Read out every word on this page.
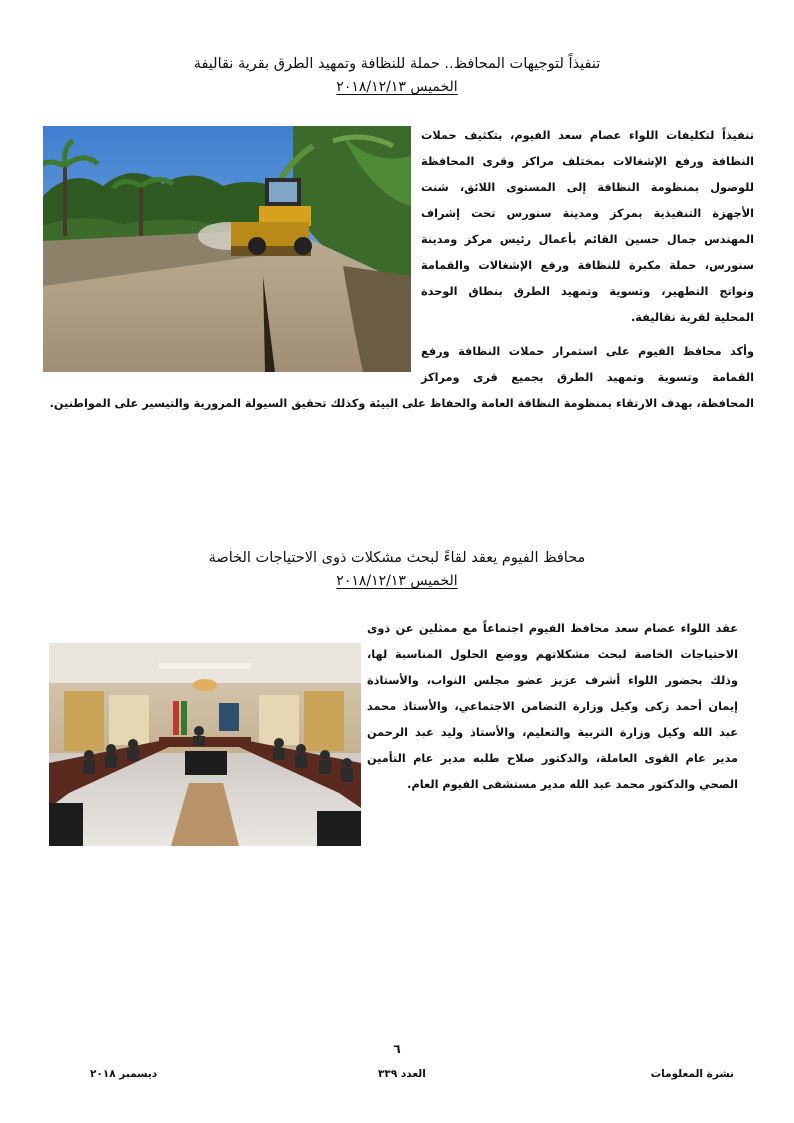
تنفيذاً لتوجيهات المحافظ.. حملة للنظافة وتمهيد الطرق بقرية نقاليفة
الخميس ٢٠١٨/١٢/١٣
تنفيذاً لتكليفات اللواء عصام سعد الفيوم، بتكثيف حملات النظافة ورفع الإشغالات بمختلف مراكز وقرى المحافظة للوصول بمنظومة النظافة إلى المستوى اللائق، شنت الأجهزة التنفيذية بمركز ومدينة سنورس تحت إشراف المهندس جمال حسين القائم بأعمال رئيس مركز ومدينة سنورس، حملة مكبرة للنظافة ورفع الإشغالات والقمامة ونواتج التطهير، وتسوية وتمهيد الطرق بنطاق الوحدة المحلية لقرية نقاليفة.
وأكد محافظ الفيوم على استمرار حملات النظافة ورفع القمامة وتسوية وتمهيد الطرق بجميع قرى ومراكز المحافظة، بهدف الارتقاء بمنظومة النظافة العامة والحفاظ على البيئة وكذلك تحقيق السيولة المرورية والتيسير على المواطنين.
محافظ الفيوم يعقد لقاءً لبحث مشكلات ذوى الاحتياجات الخاصة
الخميس ٢٠١٨/١٢/١٣
عقد اللواء عصام سعد محافظ الفيوم اجتماعاً مع ممثلين عن ذوى الاحتياجات الخاصة لبحث مشكلاتهم ووضع الحلول المناسبة لها، وذلك بحضور اللواء أشرف عزيز عضو مجلس النواب، والأستاذة إيمان أحمد زكى وكيل وزارة التضامن الاجتماعي، والأستاذ محمد عبد الله وكيل وزارة التربية والتعليم، والأستاذ وليد عبد الرحمن مدير عام القوى العاملة، والدكتور صلاح طلبه مدير عام التأمين الصحي والدكتور محمد عبد الله مدير مستشفى الفيوم العام.
٦
نشرة المعلومات
العدد ٣٣٩
ديسمبر ٢٠١٨
